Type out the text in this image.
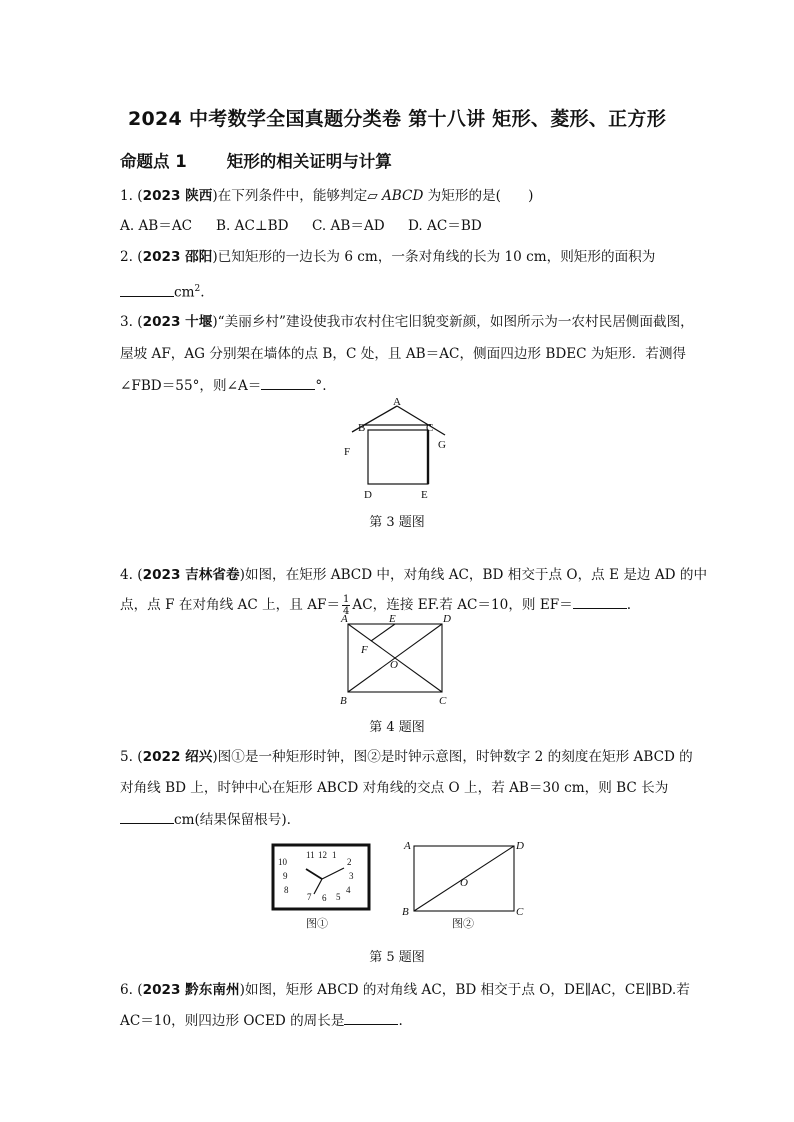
2024 中考数学全国真题分类卷 第十八讲 矩形、菱形、正方形
命题点 1 矩形的相关证明与计算
1. (2023 陕西)在下列条件中，能够判定▱ ABCD 为矩形的是(　　)
A. AB＝AC B. AC⊥BD C. AB＝AD D. AC＝BD
2. (2023 邵阳)已知矩形的一边长为 6 cm，一条对角线的长为 10 cm，则矩形的面积为
$cm^2$.
3. (2023 十堰)“美丽乡村”建设使我市农村住宅旧貌变新颜，如图所示为一农村民居侧面截图，
屋坡 AF，AG 分别架在墙体的点 B，C 处，且 AB＝AC，侧面四边形 BDEC 为矩形．若测得
∠FBD＝55°，则∠A＝	°.
A
B	C
F
G
D	E
第 3 题图
4. (2023 吉林省卷)如图，在矩形 ABCD 中，对角线 AC，BD 相交于点 O，点 E 是边 AD 的中
点，点 F 在对角线 AC 上，且 $AF= \frac{1}{4}$ AC，连接 EF.若 AC＝10，则 EF＝	.
A	E	D
F
O
B	C
第 4 题图
5. (2022 绍兴)图①是一种矩形时钟，图②是时钟示意图，时钟数字 2 的刻度在矩形 ABCD 的
对角线 BD 上，时钟中心在矩形 ABCD 对角线的交点 O 上，若 AB＝30 cm，则 BC 长为
cm(结果保留根号).
11 12 1
2
3
4
5
6
7
8
9
10
图①
A	D
O
B	C
图②
第 5 题图
6. (2023 黔东南州)如图，矩形 ABCD 的对角线 AC，BD 相交于点 O，DE∥AC，CE∥BD.若
AC＝10，则四边形 OCED 的周长是	.
